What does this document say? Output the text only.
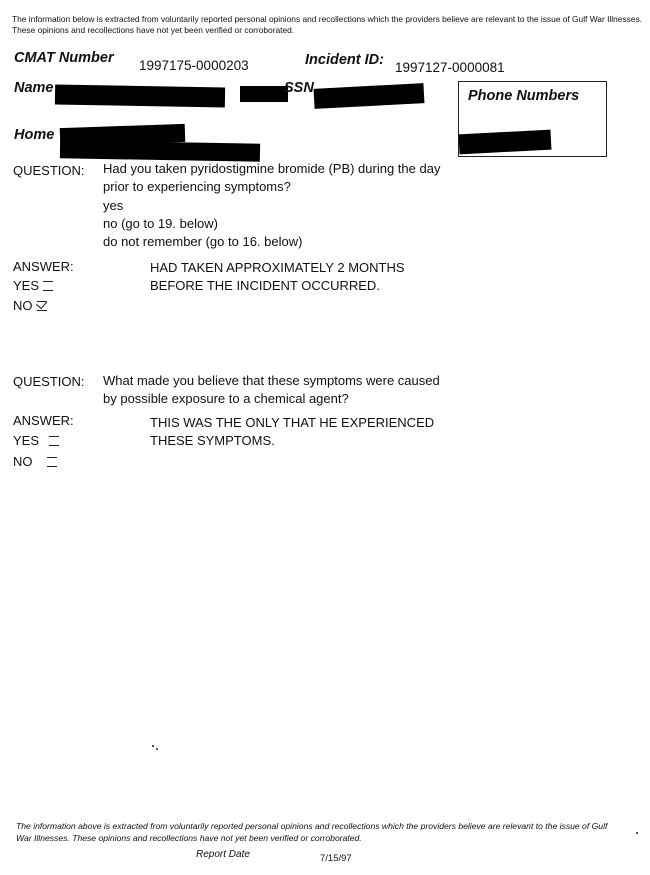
The information below is extracted from voluntarily reported personal opinions and recollections which the providers believe are relevant to the issue of Gulf War Illnesses. These opinions and recollections have not yet been verified or corroborated.
CMAT Number 1997175-0000203	Incident ID: 1997127-0000081
Name	SSN
Home
Phone Numbers
QUESTION: Had you taken pyridostigmine bromide (PB) during the day
prior to experiencing symptoms?
yes
no (go to 19. below)
do not remember (go to 16. below)
ANSWER:	HAD TAKEN APPROXIMATELY 2 MONTHS
BEFORE THE INCIDENT OCCURRED.
YES
NO
QUESTION: What made you believe that these symptoms were caused
by possible exposure to a chemical agent?
ANSWER:	THIS WAS THE ONLY THAT HE EXPERIENCED
THESE SYMPTOMS.
YES
NO
The information above is extracted from voluntarily reported personal opinions and recollections which the providers believe are relevant to the issue of Gulf War Illnesses. These opinions and recollections have not yet been verified or corroborated.
Report Date	7/15/97
